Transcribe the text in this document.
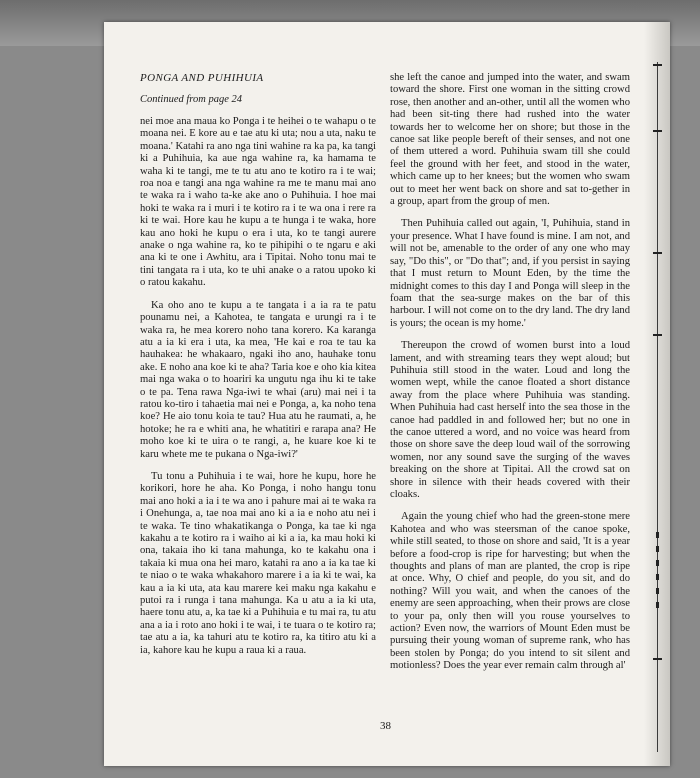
PONGA AND PUHIHUIA

Continued from page 24

nei moe ana maua ko Ponga i te heihei o te wahapu o te moana nei. E kore au e tae atu ki uta; nou a uta, naku te moana.' Katahi ra ano nga tini wahine ra ka pa, ka tangi ki a Puhihuia, ka aue nga wahine ra, ka hamama te waha ki te tangi, me te tu atu ano te kotiro ra i te wai; roa noa e tangi ana nga wahine ra me te manu mai ano te waka ra i waho ta-ke ake ano o Puhihuia. I hoe mai hoki te waka ra i muri i te kotiro ra i te wa ona i rere ra ki te wai. Hore kau he kupu a te hunga i te waka, hore kau ano hoki he kupu o era i uta, ko te tangi aurere anake o nga wahine ra, ko te pihipihi o te ngaru e aki ana ki te one i Awhitu, ara i Tipitai. Noho tonu mai te tini tangata ra i uta, ko te uhi anake o a ratou upoko ki o ratou kakahu.

Ka oho ano te kupu a te tangata i a ia ra te patu pounamu nei, a Kahotea, te tangata e urungi ra i te waka ra, he mea korero noho tana korero. Ka karanga atu a ia ki era i uta, ka mea, 'He kai e roa te tau ka hauhakea: he whakaaro, ngaki iho ano, hauhake tonu ake. E noho ana koe ki te aha? Taria koe e oho kia kitea mai nga waka o to hoariri ka ungutu nga ihu ki te take o te pa. Tena rawa Nga-iwi te whai (aru) mai nei i ta ratou ko-tiro i tahaetia mai nei e Ponga, a, ka noho tena koe? He aio tonu koia te tau? Hua atu he raumati, a, he hotoke; he ra e whiti ana, he whatitiri e rarapa ana? He moho koe ki te uira o te rangi, a, he kuare koe ki te karu whete me te pukana o Nga-iwi?'

Tu tonu a Puhihuia i te wai, hore he kupu, hore he korikori, hore he aha. Ko Ponga, i noho hangu tonu mai ano hoki a ia i te wa ano i pahure mai ai te waka ra i Onehunga, a, tae noa mai ano ki a ia e noho atu nei i te waka. Te tino whakatikanga o Ponga, ka tae ki nga kakahu a te kotiro ra i waiho ai ki a ia, ka mau hoki ki ona, takaia iho ki tana mahunga, ko te kakahu ona i takaia ki mua ona hei maro, katahi ra ano a ia ka tae ki te niao o te waka whakahoro marere i a ia ki te wai, ka kau a ia ki uta, ata kau marere kei maku nga kakahu e putoi ra i runga i tana mahunga. Ka u atu a ia ki uta, haere tonu atu, a, ka tae ki a Puhihuia e tu mai ra, tu atu ana a ia i roto ano hoki i te wai, i te tuara o te kotiro ra; tae atu a ia, ka tahuri atu te kotiro ra, ka titiro atu ki a ia, kahore kau he kupu a raua ki a raua.

she left the canoe and jumped into the water, and swam toward the shore. First one woman in the sitting crowd rose, then another and an-other, until all the women who had been sit-ting there had rushed into the water towards her to welcome her on shore; but those in the canoe sat like people bereft of their senses, and not one of them uttered a word. Puhihuia swam till she could feel the ground with her feet, and stood in the water, which came up to her knees; but the women who swam out to meet her went back on shore and sat to-gether in a group, apart from the group of men.

Then Puhihuia called out again, 'I, Puhihuia, stand in your presence. What I have found is mine. I am not, and will not be, amenable to the order of any one who may say, "Do this", or "Do that"; and, if you persist in saying that I must return to Mount Eden, by the time the midnight comes to this day I and Ponga will sleep in the foam that the sea-surge makes on the bar of this harbour. I will not come on to the dry land. The dry land is yours; the ocean is my home.'

Thereupon the crowd of women burst into a loud lament, and with streaming tears they wept aloud; but Puhihuia still stood in the water. Loud and long the women wept, while the canoe floated a short distance away from the place where Puhihuia was standing. When Puhihuia had cast herself into the sea those in the canoe had paddled in and followed her; but no one in the canoe uttered a word, and no voice was heard from those on shore save the deep loud wail of the sorrowing women, nor any sound save the surging of the waves breaking on the shore at Tipitai. All the crowd sat on shore in silence with their heads covered with their cloaks.

Again the young chief who had the green-stone mere Kahotea and who was steersman of the canoe spoke, while still seated, to those on shore and said, 'It is a year before a food-crop is ripe for harvesting; but when the thoughts and plans of man are planted, the crop is ripe at once. Why, O chief and people, do you sit, and do nothing? Will you wait, and when the canoes of the enemy are seen approaching, when their prows are close to your pa, only then will you rouse yourselves to action? Even now, the warriors of Mount Eden must be pursuing their young woman of supreme rank, who has been stolen by Ponga; do you intend to sit silent and motionless? Does the year ever remain calm through al'

38
